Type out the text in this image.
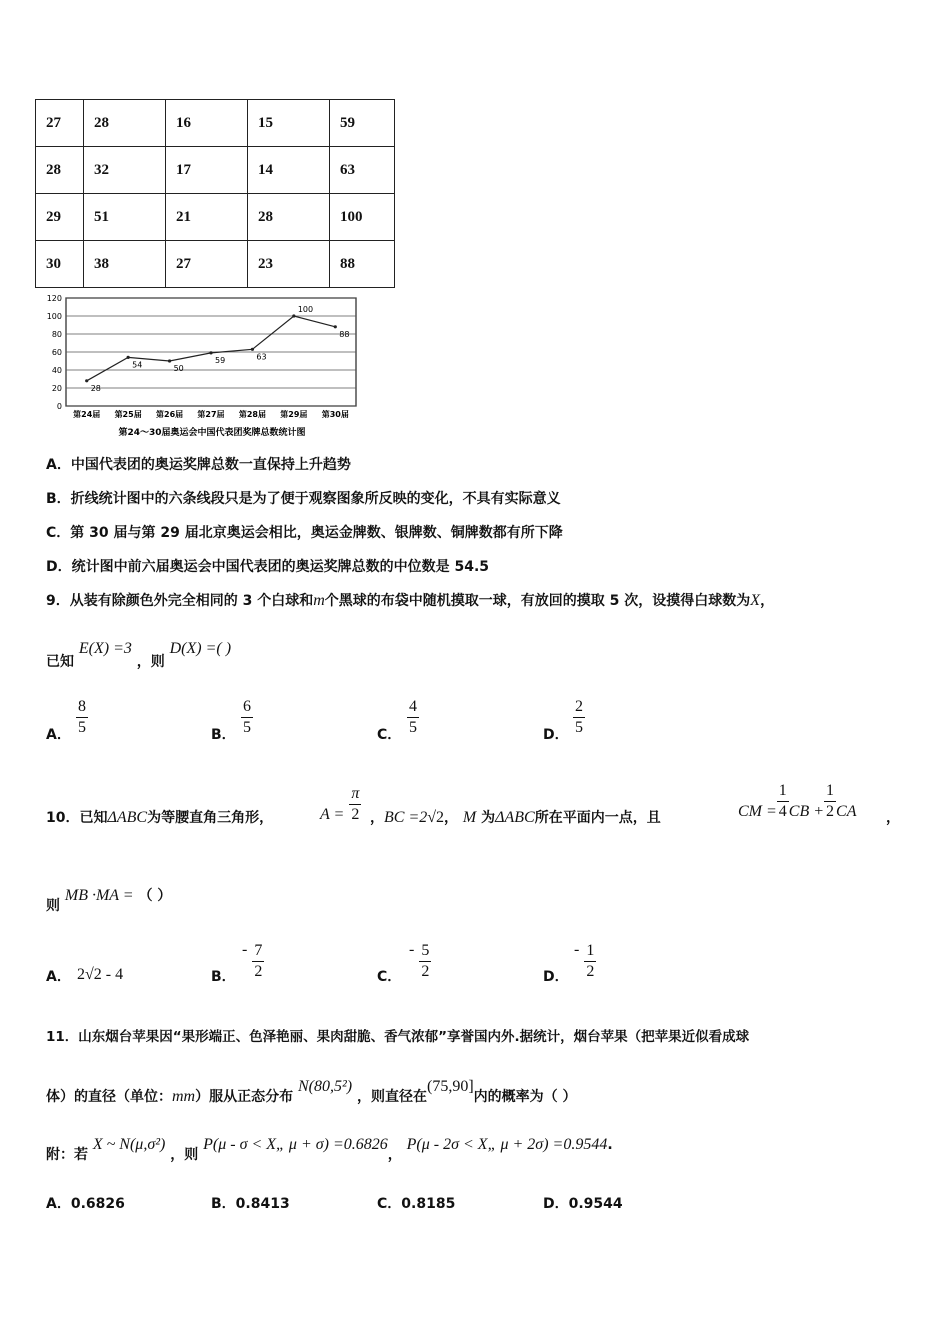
27	28	16	15	59
28	32	17	14	63
29	51	21	28	100
30	38	27	23	88
0
20
40
60
80
100
120
第24届 第25届 第26届 第27届 第28届 第29届 第30届
28
54	50
59	63
100
88
第24～30届奥运会中国代表团奖牌总数统计图
A．中国代表团的奥运奖牌总数一直保持上升趋势
B．折线统计图中的六条线段只是为了便于观察图象所反映的变化，不具有实际意义
C．第 30 届与第 29 届北京奥运会相比，奥运金牌数、银牌数、铜牌数都有所下降
D．统计图中前六届奥运会中国代表团的奥运奖牌总数的中位数是 54.5
9．从装有除颜色外完全相同的 3 个白球和m个黑球的布袋中随机摸取一球，有放回的摸取 5 次，设摸得白球数为X，
已知 E(X) =3 ，则 D(X) =( )
A． $\frac{8}{5}$	B． $\frac{6}{5}$	C． $\frac{4}{5}$	D． $\frac{2}{5}$
10．已知ΔABC为等腰直角三角形，	$A = \frac{\pi}{2}$ ，BC =2√2， M 为ΔABC所在平面内一点，且	CM = $\frac{1}{4}$ CB + $\frac{1}{2}$ CA ，
则 MB ·MA = （ ）
A． 2√2 - 4	B．
- $\frac{7}{2}$	C．
- $\frac{5}{2}$	D．
- $\frac{1}{2}$
11．山东烟台苹果因“果形端正、色泽艳丽、果肉甜脆、香气浓郁”享誉国内外.据统计，烟台苹果（把苹果近似看成球
体）的直径（单位：mm）服从正态分布 N(80,5²) ，则直径在(75,90]内的概率为（ ）
附：若 X ~ N(μ,σ²) ，则 P(μ - σ < X„ μ + σ) =0.6826， P(μ - 2σ < X„ μ + 2σ) =0.9544.
A．0.6826	B．0.8413	C．0.8185	D．0.9544
